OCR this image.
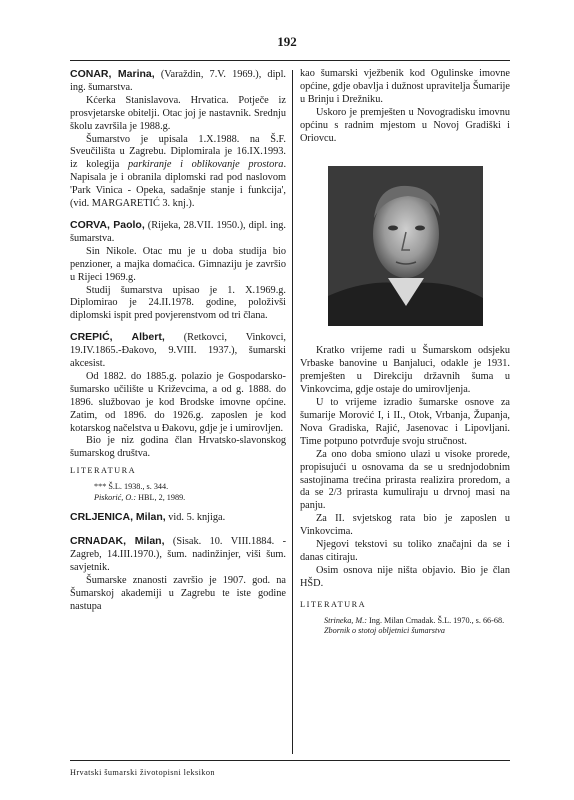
192

CONAR, Marina, (Varaždin, 7.V. 1969.), dipl. ing. šumarstva.

Kćerka Stanislavova. Hrvatica. Potječe iz prosvjetarske obitelji. Otac joj je nastavnik. Srednju školu završila je 1988.g.

Šumarstvo je upisala 1.X.1988. na Š.F. Sveučilišta u Zagrebu. Diplomirala je 16.IX.1993. iz kolegija parkiranje i oblikovanje prostora. Napisala je i obranila diplomski rad pod naslovom 'Park Vinica - Opeka, sadašnje stanje i funkcija', (vid. MARGARETIĆ 3. knj.).

CORVA, Paolo, (Rijeka, 28.VII. 1950.), dipl. ing. šumarstva.

Sin Nikole. Otac mu je u doba studija bio penzioner, a majka domaćica. Gimnaziju je završio u Rijeci 1969.g.

Studij šumarstva upisao je 1. X.1969.g. Diplomirao je 24.II.1978. godine, položivši diplomski ispit pred povjerenstvom od tri člana.

CREPIĆ, Albert, (Retkovci, Vinkovci, 19.IV.1865.-Đakovo, 9.VIII. 1937.), šumarski akcesist.

Od 1882. do 1885.g. polazio je Gospodarsko-šumarsko učilište u Križevcima, a od g. 1888. do 1896. službovao je kod Brodske imovne općine. Zatim, od 1896. do 1926.g. zaposlen je kod kotarskog načelstva u Đakovu, gdje je i umirovljen.

Bio je niz godina član Hrvatsko-slavonskog šumarskog društva.

LITERATURA

*** Š.L. 1938., s. 344.
Piskorić, O.: HBL, 2, 1989.

CRLJENICA, Milan, vid. 5. knjiga.

CRNADAK, Milan, (Sisak. 10. VIII.1884. - Zagreb, 14.III.1970.), šum. nadinžinjer, viši šum. savjetnik.

Šumarske znanosti završio je 1907. god. na Šumarskoj akademiji u Zagrebu te iste godine nastupa

kao šumarski vježbenik kod Ogulinske imovne općine, gdje obavlja i dužnost upravitelja Šumarije u Brinju i Drežniku.

Uskoro je premješten u Novogradisku imovnu općinu s radnim mjestom u Novoj Gradiški i Oriovcu.

Kratko vrijeme radi u Šumarskom odsjeku Vrbaske banovine u Banjaluci, odakle je 1931. premješten u Direkciju državnih šuma u Vinkovcima, gdje ostaje do umirovljenja.

U to vrijeme izradio šumarske osnove za šumarije Morović I, i II., Otok, Vrbanja, Županja, Nova Gradiska, Rajić, Jasenovac i Lipovljani. Time potpuno potvrđuje svoju stručnost.

Za ono doba smiono ulazi u visoke prorede, propisujući u osnovama da se u srednjodobnim sastojinama trećina prirasta realizira proredom, a da se 2/3 prirasta kumuliraju u drvnoj masi na panju.

Za II. svjetskog rata bio je zaposlen u Vinkovcima.

Njegovi tekstovi su toliko značajni da se i danas citiraju.

Osim osnova nije ništa objavio. Bio je član HŠD.

LITERATURA

Strineka, M.: Ing. Milan Crnadak. Š.L. 1970., s. 66-68.
Zbornik o stotoj obljetnici šumarstva
Hrvatski šumarski životopisni leksikon
